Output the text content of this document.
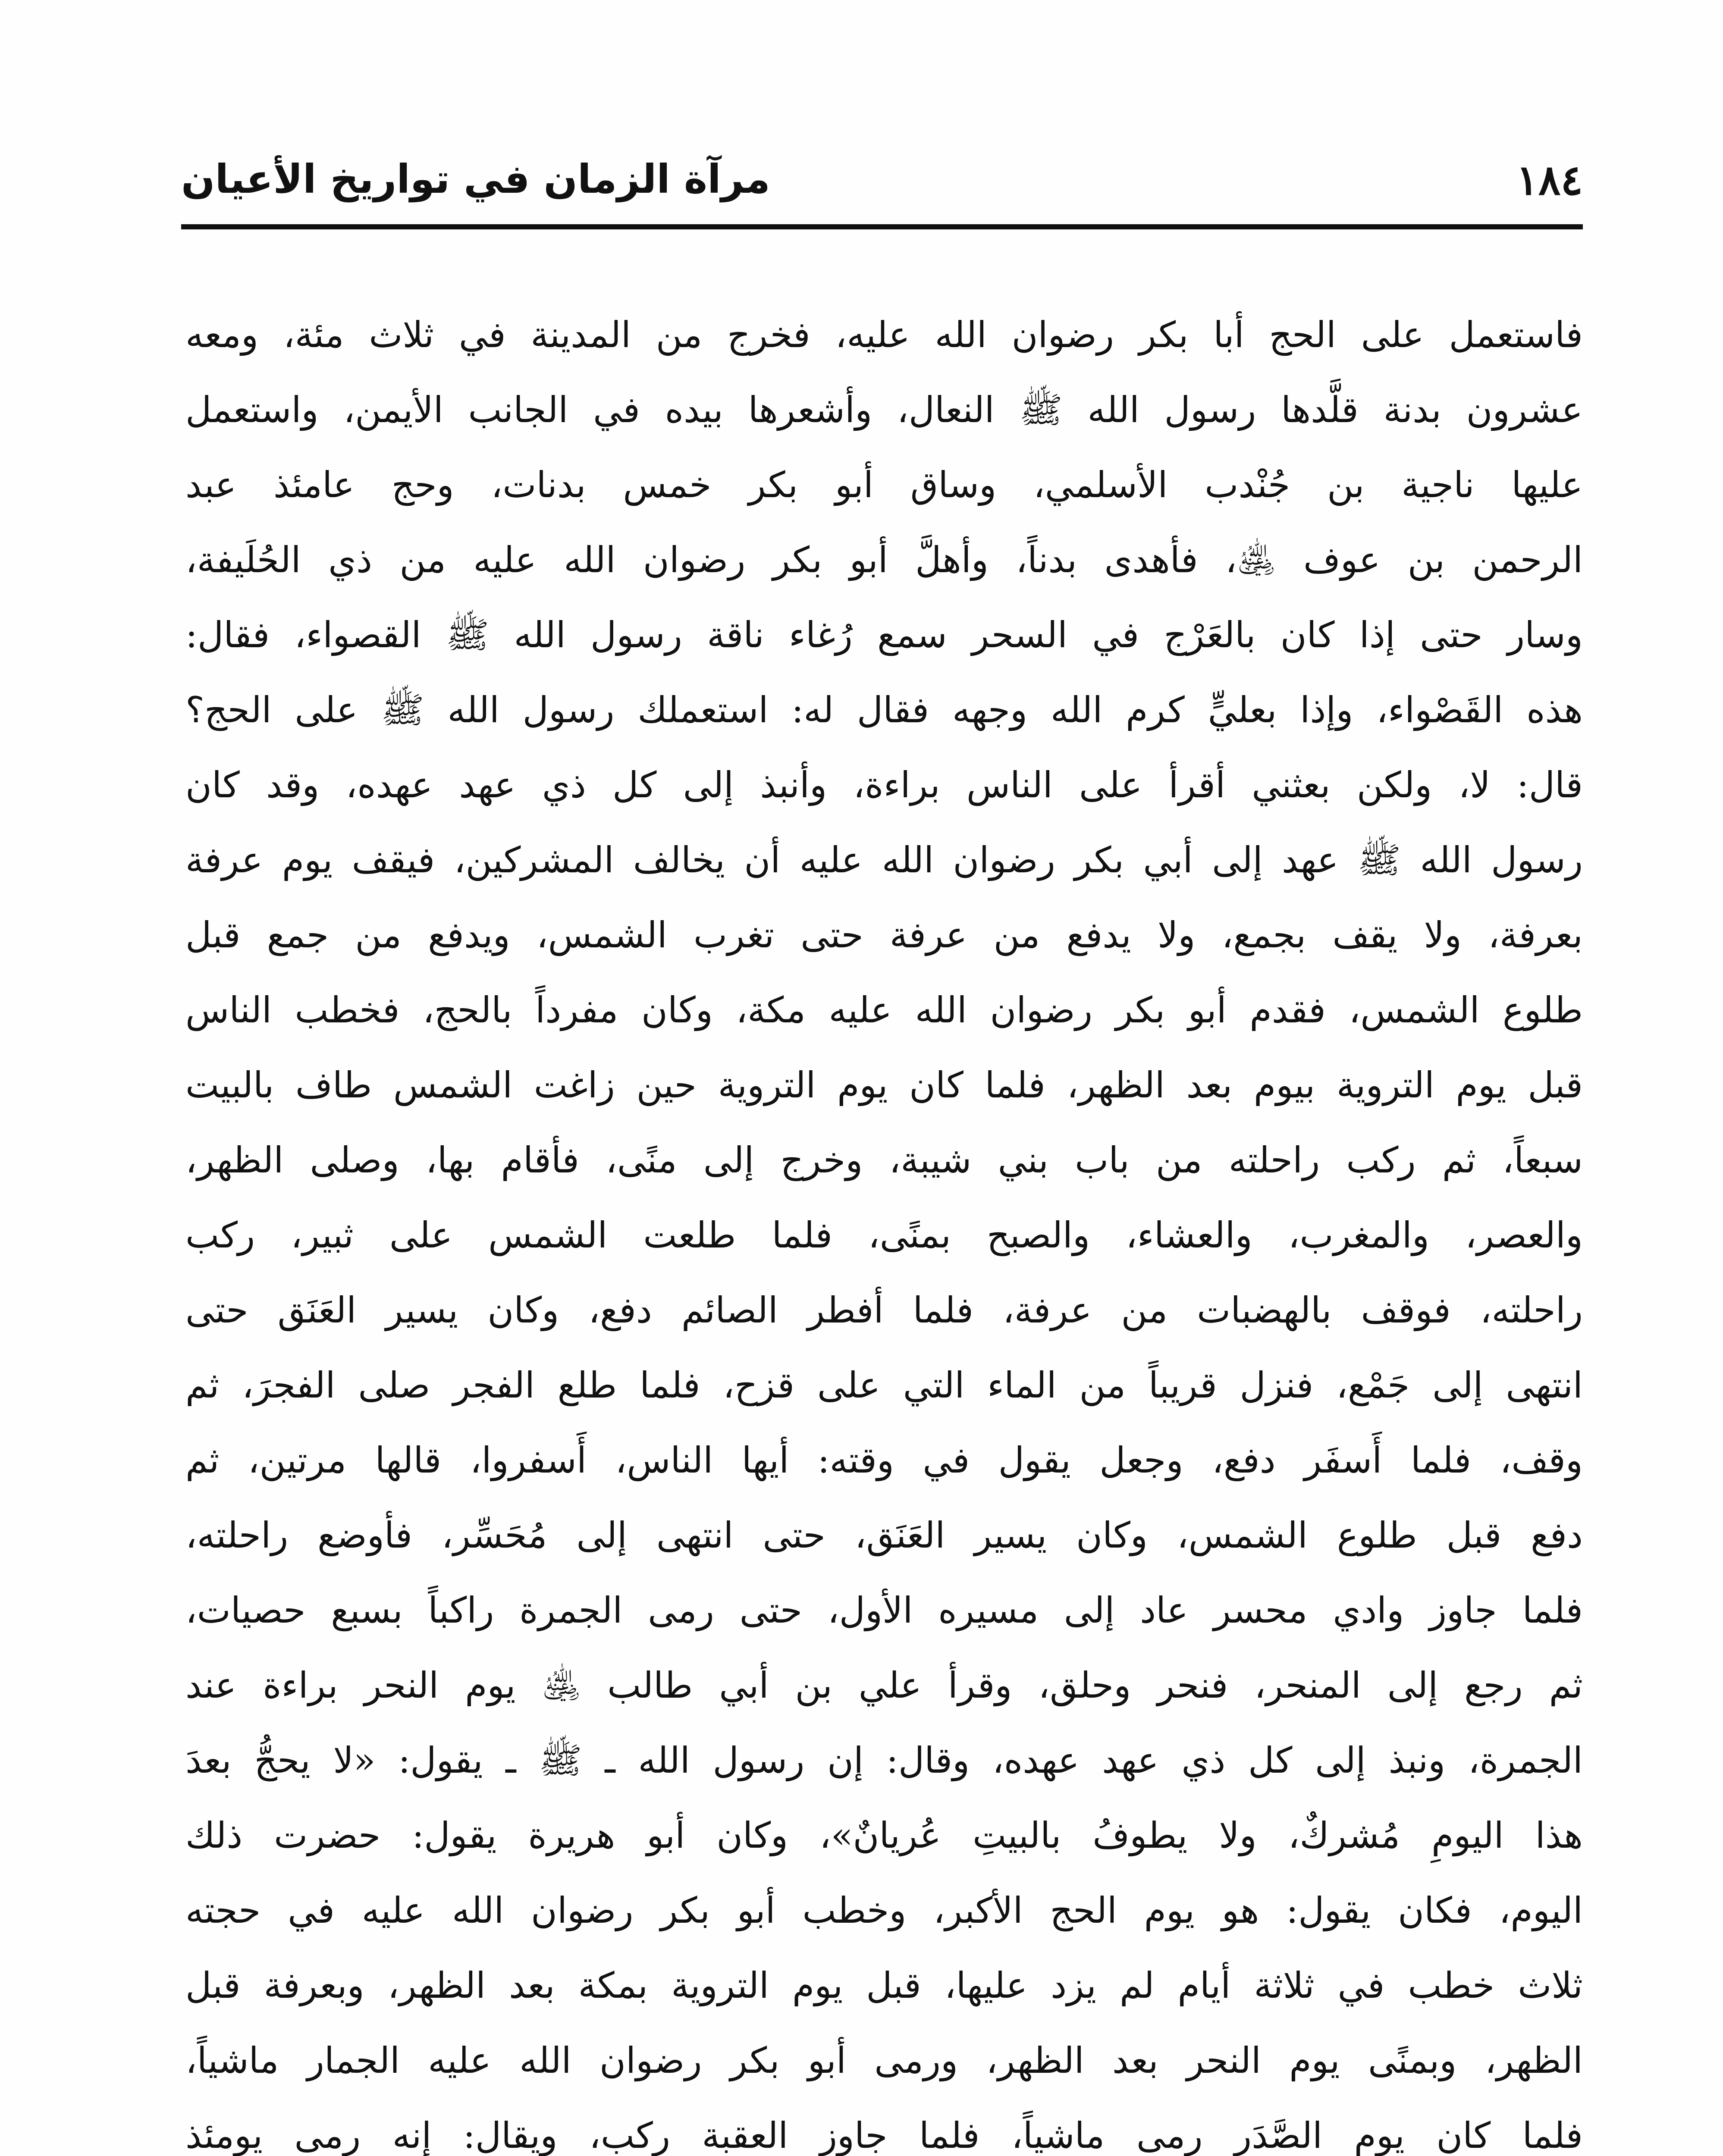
١٨٤
مرآة الزمان في تواريخ الأعيان
فاستعمل على الحج أبا بكر رضوان الله عليه، فخرج من المدينة في ثلاث مئة، ومعه
عشرون بدنة قلَّدها رسول الله ﷺ النعال، وأشعرها بيده في الجانب الأيمن، واستعمل
عليها ناجية بن جُنْدب الأسلمي، وساق أبو بكر خمس بدنات، وحج عامئذ عبد
الرحمن بن عوف ﵁، فأهدى بدناً، وأهلَّ أبو بكر رضوان الله عليه من ذي الحُلَيفة،
وسار حتى إذا كان بالعَرْج في السحر سمع رُغاء ناقة رسول الله ﷺ القصواء، فقال:
هذه القَصْواء، وإذا بعليٍّ كرم الله وجهه فقال له: استعملك رسول الله ﷺ على الحج؟
قال: لا، ولكن بعثني أقرأ على الناس براءة، وأنبذ إلى كل ذي عهد عهده، وقد كان
رسول الله ﷺ عهد إلى أبي بكر رضوان الله عليه أن يخالف المشركين، فيقف يوم عرفة
بعرفة، ولا يقف بجمع، ولا يدفع من عرفة حتى تغرب الشمس، ويدفع من جمع قبل
طلوع الشمس، فقدم أبو بكر رضوان الله عليه مكة، وكان مفرداً بالحج، فخطب الناس
قبل يوم التروية بيوم بعد الظهر، فلما كان يوم التروية حين زاغت الشمس طاف بالبيت
سبعاً، ثم ركب راحلته من باب بني شيبة، وخرج إلى منًى، فأقام بها، وصلى الظهر،
والعصر، والمغرب، والعشاء، والصبح بمنًى، فلما طلعت الشمس على ثبير، ركب
راحلته، فوقف بالهضبات من عرفة، فلما أفطر الصائم دفع، وكان يسير العَنَق حتى
انتهى إلى جَمْع، فنزل قريباً من الماء التي على قزح، فلما طلع الفجر صلى الفجرَ، ثم
وقف، فلما أَسفَر دفع، وجعل يقول في وقته: أيها الناس، أَسفروا، قالها مرتين، ثم
دفع قبل طلوع الشمس، وكان يسير العَنَق، حتى انتهى إلى مُحَسِّر، فأوضع راحلته،
فلما جاوز وادي محسر عاد إلى مسيره الأول، حتى رمى الجمرة راكباً بسبع حصيات،
ثم رجع إلى المنحر، فنحر وحلق، وقرأ علي بن أبي طالب ﵁ يوم النحر براءة عند
الجمرة، ونبذ إلى كل ذي عهد عهده، وقال: إن رسول الله ـ ﷺ ـ يقول: «لا يحجُّ بعدَ
هذا اليومِ مُشركٌ، ولا يطوفُ بالبيتِ عُريانٌ»، وكان أبو هريرة يقول: حضرت ذلك
اليوم، فكان يقول: هو يوم الحج الأكبر، وخطب أبو بكر رضوان الله عليه في حجته
ثلاث خطب في ثلاثة أيام لم يزد عليها، قبل يوم التروية بمكة بعد الظهر، وبعرفة قبل
الظهر، وبمنًى يوم النحر بعد الظهر، ورمى أبو بكر رضوان الله عليه الجمار ماشياً،
فلما كان يوم الصَّدَر رمى ماشياً، فلما جاوز العقبة ركب، ويقال: إنه رمى يومئذ
